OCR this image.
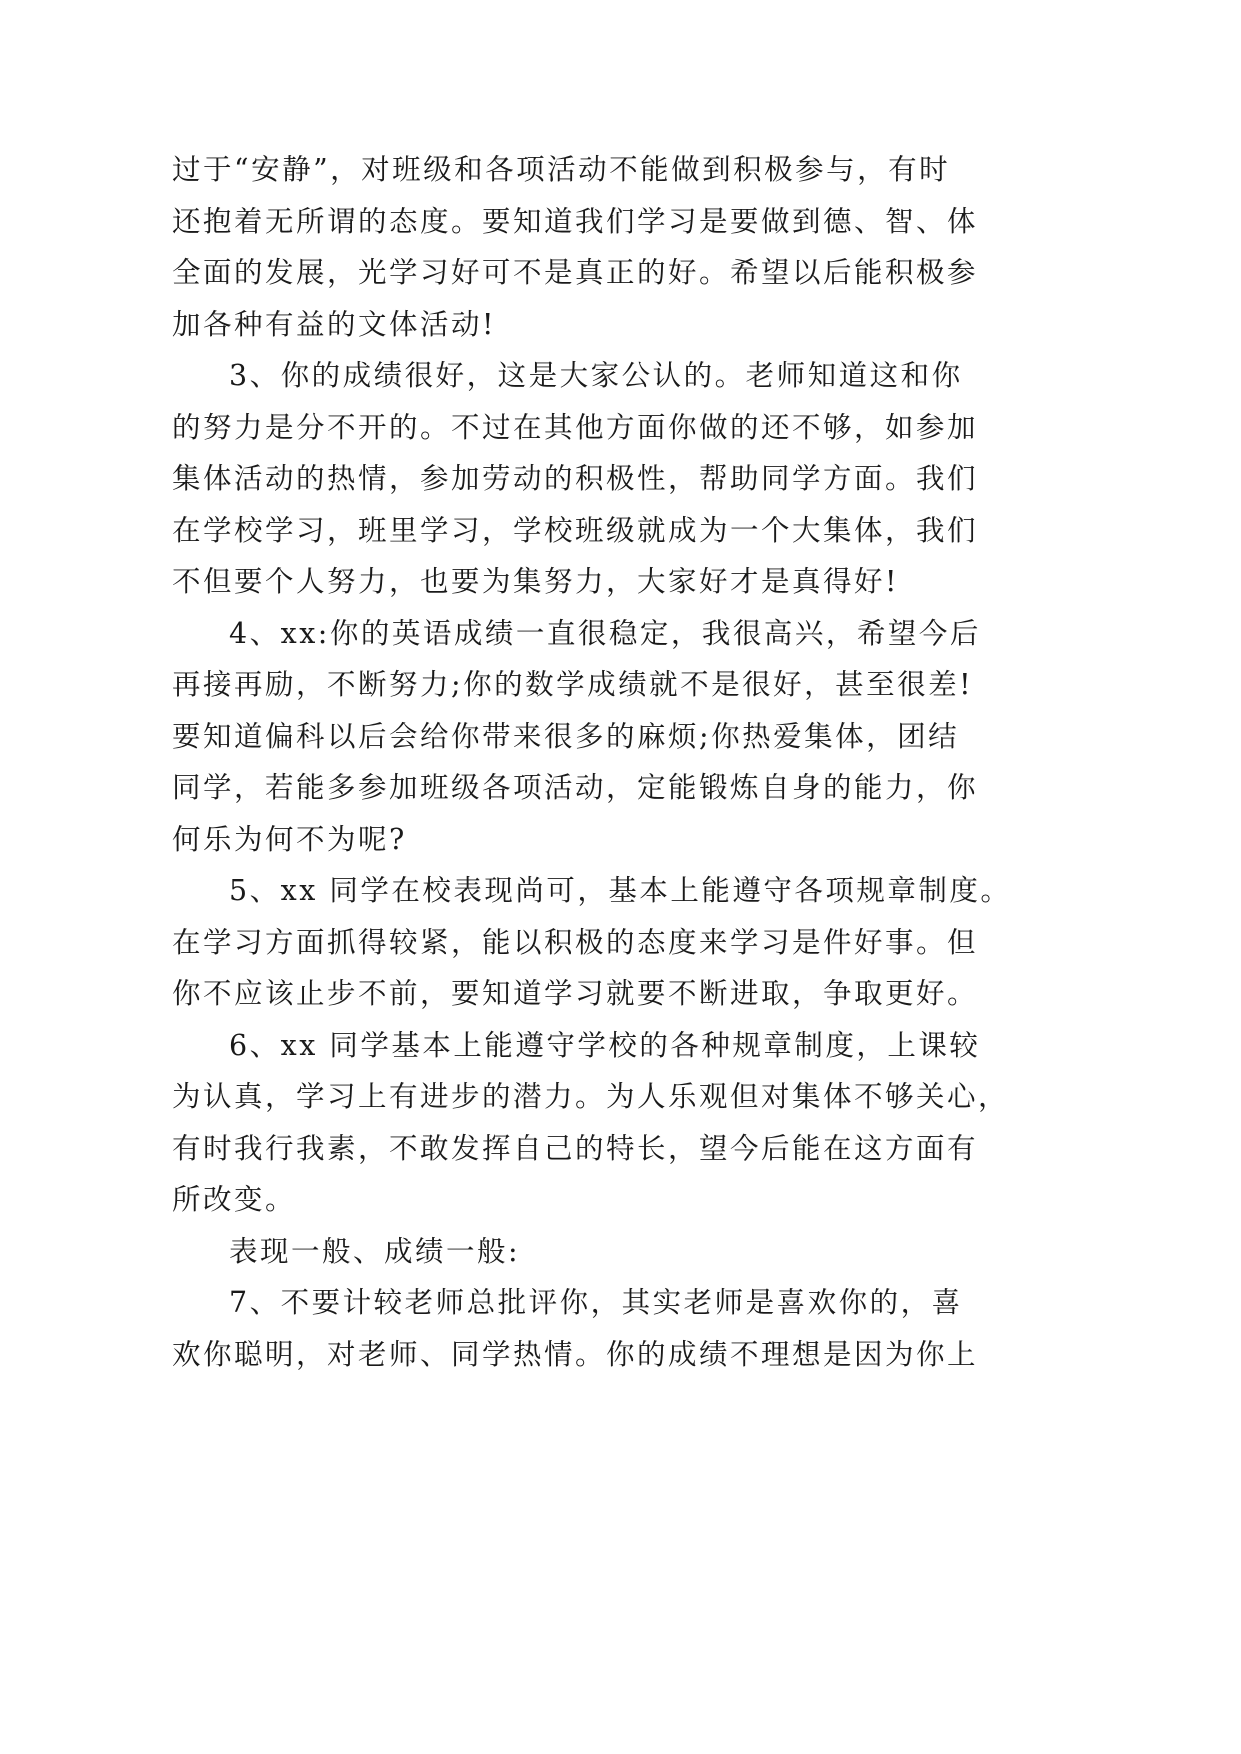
过于“安静”，对班级和各项活动不能做到积极参与，有时
还抱着无所谓的态度。要知道我们学习是要做到德、智、体
全面的发展，光学习好可不是真正的好。希望以后能积极参
加各种有益的文体活动!
3、你的成绩很好，这是大家公认的。老师知道这和你
的努力是分不开的。不过在其他方面你做的还不够，如参加
集体活动的热情，参加劳动的积极性，帮助同学方面。我们
在学校学习，班里学习，学校班级就成为一个大集体，我们
不但要个人努力，也要为集努力，大家好才是真得好!
4、xx:你的英语成绩一直很稳定，我很高兴，希望今后
再接再励，不断努力;你的数学成绩就不是很好，甚至很差!
要知道偏科以后会给你带来很多的麻烦;你热爱集体，团结
同学，若能多参加班级各项活动，定能锻炼自身的能力，你
何乐为何不为呢?
5、xx 同学在校表现尚可，基本上能遵守各项规章制度。
在学习方面抓得较紧，能以积极的态度来学习是件好事。但
你不应该止步不前，要知道学习就要不断进取，争取更好。
6、xx 同学基本上能遵守学校的各种规章制度，上课较
为认真，学习上有进步的潜力。为人乐观但对集体不够关心，
有时我行我素，不敢发挥自己的特长，望今后能在这方面有
所改变。
表现一般、成绩一般:
7、不要计较老师总批评你，其实老师是喜欢你的，喜
欢你聪明，对老师、同学热情。你的成绩不理想是因为你上
